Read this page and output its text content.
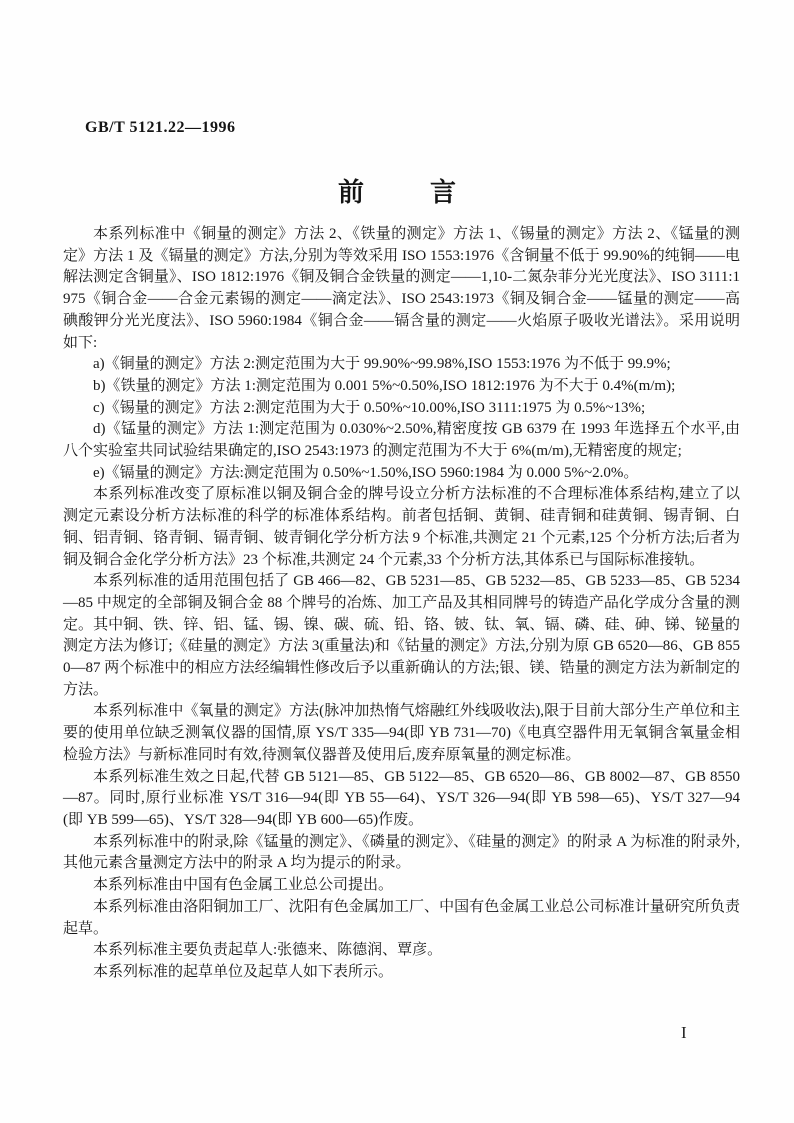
GB/T 5121.22—1996
前言

本系列标准中《铜量的测定》方法 2、《铁量的测定》方法 1、《锡量的测定》方法 2、《锰量的测定》方法 1 及《镉量的测定》方法,分别为等效采用 ISO 1553:1976《含铜量不低于 99.90%的纯铜——电解法测定含铜量》、ISO 1812:1976《铜及铜合金铁量的测定——1,10-二氮杂菲分光光度法》、ISO 3111:1975《铜合金——合金元素锡的测定——滴定法》、ISO 2543:1973《铜及铜合金——锰量的测定——高碘酸钾分光光度法》、ISO 5960:1984《铜合金——镉含量的测定——火焰原子吸收光谱法》。采用说明如下:

a)《铜量的测定》方法 2:测定范围为大于 99.90%~99.98%,ISO 1553:1976 为不低于 99.9%;

b)《铁量的测定》方法 1:测定范围为 0.001 5%~0.50%,ISO 1812:1976 为不大于 0.4%(m/m);

c)《锡量的测定》方法 2:测定范围为大于 0.50%~10.00%,ISO 3111:1975 为 0.5%~13%;

d)《锰量的测定》方法 1:测定范围为 0.030%~2.50%,精密度按 GB 6379 在 1993 年选择五个水平,由八个实验室共同试验结果确定的,ISO 2543:1973 的测定范围为不大于 6%(m/m),无精密度的规定;

e)《镉量的测定》方法:测定范围为 0.50%~1.50%,ISO 5960:1984 为 0.000 5%~2.0%。

本系列标准改变了原标准以铜及铜合金的牌号设立分析方法标准的不合理标准体系结构,建立了以测定元素设分析方法标准的科学的标准体系结构。前者包括铜、黄铜、硅青铜和硅黄铜、锡青铜、白铜、铝青铜、铬青铜、镉青铜、铍青铜化学分析方法 9 个标准,共测定 21 个元素,125 个分析方法;后者为铜及铜合金化学分析方法》23 个标准,共测定 24 个元素,33 个分析方法,其体系已与国际标准接轨。

本系列标准的适用范围包括了 GB 466—82、GB 5231—85、GB 5232—85、GB 5233—85、GB 5234—85 中规定的全部铜及铜合金 88 个牌号的冶炼、加工产品及其相同牌号的铸造产品化学成分含量的测定。其中铜、铁、锌、铝、锰、锡、镍、碳、硫、铅、铬、铍、钛、氧、镉、磷、硅、砷、锑、铋量的测定方法为修订;《硅量的测定》方法 3(重量法)和《钴量的测定》方法,分别为原 GB 6520—86、GB 8550—87 两个标准中的相应方法经编辑性修改后予以重新确认的方法;银、镁、锆量的测定方法为新制定的方法。

本系列标准中《氧量的测定》方法(脉冲加热惰气熔融红外线吸收法),限于目前大部分生产单位和主要的使用单位缺乏测氧仪器的国情,原 YS/T 335—94(即 YB 731—70)《电真空器件用无氧铜含氧量金相检验方法》与新标准同时有效,待测氧仪器普及使用后,废弃原氧量的测定标准。

本系列标准生效之日起,代替 GB 5121—85、GB 5122—85、GB 6520—86、GB 8002—87、GB 8550—87。同时,原行业标准 YS/T 316—94(即 YB 55—64)、YS/T 326—94(即 YB 598—65)、YS/T 327—94(即 YB 599—65)、YS/T 328—94(即 YB 600—65)作废。

本系列标准中的附录,除《锰量的测定》、《磷量的测定》、《硅量的测定》的附录 A 为标准的附录外,其他元素含量测定方法中的附录 A 均为提示的附录。

本系列标准由中国有色金属工业总公司提出。

本系列标准由洛阳铜加工厂、沈阳有色金属加工厂、中国有色金属工业总公司标准计量研究所负责起草。

本系列标准主要负责起草人:张德来、陈德润、覃彦。

本系列标准的起草单位及起草人如下表所示。

I
